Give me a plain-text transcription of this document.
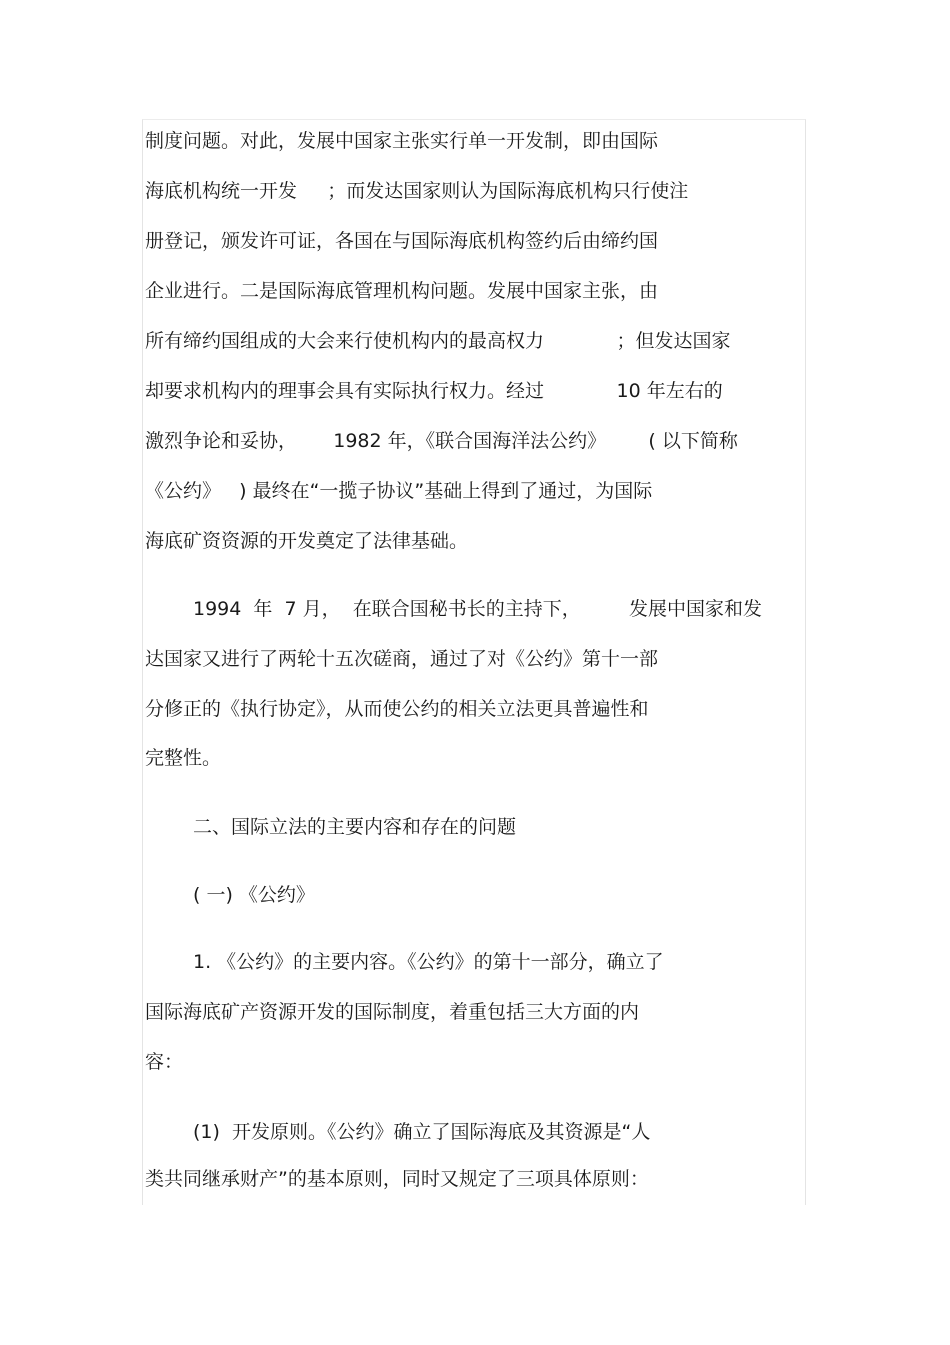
制度问题。对此，发展中国家主张实行单一开发制，即由国际
海底机构统一开发     ；而发达国家则认为国际海底机构只行使注
册登记，颁发许可证，各国在与国际海底机构签约后由缔约国
企业进行。二是国际海底管理机构问题。发展中国家主张，由
所有缔约国组成的大会来行使机构内的最高权力            ；但发达国家
却要求机构内的理事会具有实际执行权力。经过            10 年左右的
激烈争论和妥协，      1982 年，《联合国海洋法公约》       ( 以下简称
《公约》   ) 最终在“一揽子协议”基础上得到了通过，为国际
海底矿资资源的开发奠定了法律基础。
1994  年  7 月，  在联合国秘书长的主持下，        发展中国家和发
达国家又进行了两轮十五次磋商，通过了对《公约》第十一部
分修正的《执行协定》，从而使公约的相关立法更具普遍性和
完整性。
二、国际立法的主要内容和存在的问题
( 一) 《公约》
1. 《公约》的主要内容。《公约》的第十一部分，确立了
国际海底矿产资源开发的国际制度，着重包括三大方面的内
容：
(1)  开发原则。《公约》确立了国际海底及其资源是“人
类共同继承财产”的基本原则，同时又规定了三项具体原则：
